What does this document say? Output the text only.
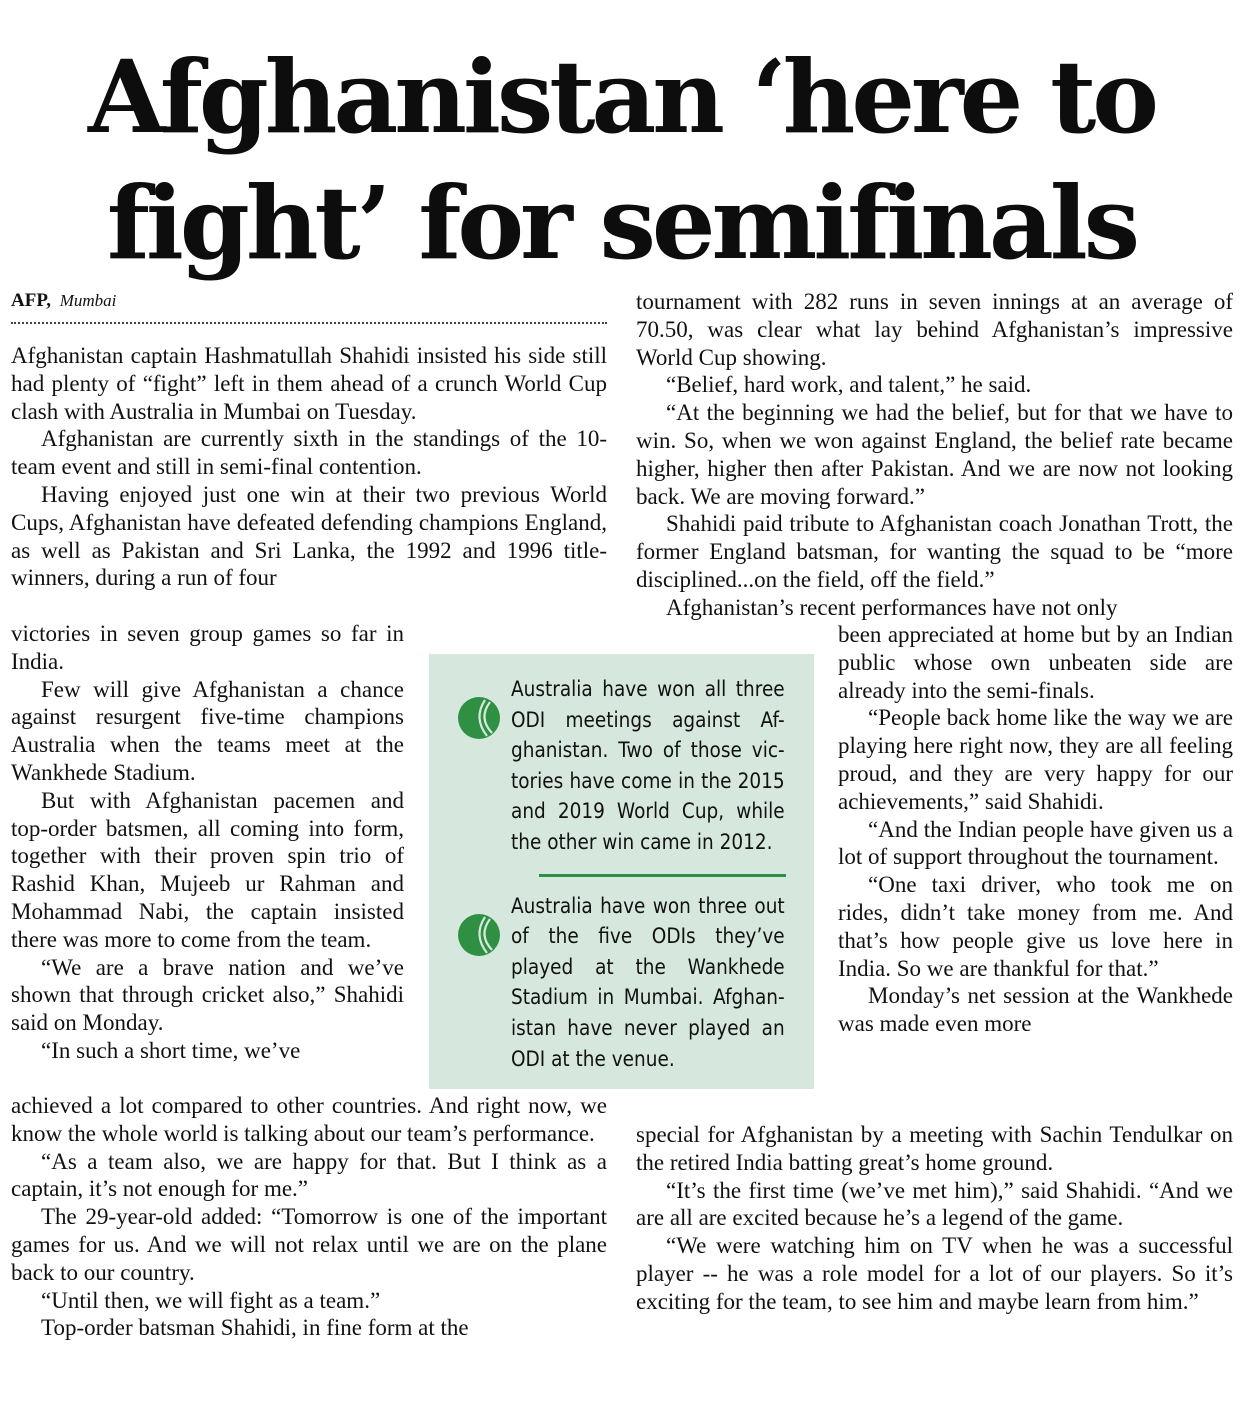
Afghanistan ‘here to
fight’ for semifinals
AFP, Mumbai

Afghanistan captain Hashmatullah Shahidi insisted his side still had plenty of “fight” left in them ahead of a crunch World Cup clash with Australia in Mumbai on Tuesday.

Afghanistan are currently sixth in the standings of the 10-team event and still in semi-final contention.

Having enjoyed just one win at their two previous World Cups, Afghanistan have defeated defending champions England, as well as Pakistan and Sri Lanka, the 1992 and 1996 title-winners, during a run of four

victories in seven group games so far in India.

Few will give Afghanistan a chance against resurgent five-time champions Australia when the teams meet at the Wankhede Stadium.

But with Afghanistan pacemen and top-order batsmen, all coming into form, together with their proven spin trio of Rashid Khan, Mujeeb ur Rahman and Mohammad Nabi, the captain insisted there was more to come from the team.

“We are a brave nation and we’ve shown that through cricket also,” Shahidi said on Monday.

“In such a short time, we’ve

achieved a lot compared to other countries. And right now, we know the whole world is talking about our team’s performance.

“As a team also, we are happy for that. But I think as a captain, it’s not enough for me.”

The 29-year-old added: “Tomorrow is one of the important games for us. And we will not relax until we are on the plane back to our country.

“Until then, we will fight as a team.”

Top-order batsman Shahidi, in fine form at the

tournament with 282 runs in seven innings at an average of 70.50, was clear what lay behind Afghanistan’s impressive World Cup showing.

“Belief, hard work, and talent,” he said.

“At the beginning we had the belief, but for that we have to win. So, when we won against England, the belief rate became higher, higher then after Pakistan. And we are now not looking back. We are moving forward.”

Shahidi paid tribute to Afghanistan coach Jonathan Trott, the former England batsman, for wanting the squad to be “more disciplined...on the field, off the field.”

Afghanistan’s recent performances have not only

been appreciated at home but by an Indian public whose own unbeaten side are already into the semi-finals.

“People back home like the way we are playing here right now, they are all feeling proud, and they are very happy for our achievements,” said Shahidi.

“And the Indian people have given us a lot of support throughout the tournament.

“One taxi driver, who took me on rides, didn’t take money from me. And that’s how people give us love here in India. So we are thankful for that.”

Monday’s net session at the Wankhede was made even more

special for Afghanistan by a meeting with Sachin Tendulkar on the retired India batting great’s home ground.

“It’s the first time (we’ve met him),” said Shahidi. “And we are all are excited because he’s a legend of the game.

“We were watching him on TV when he was a successful player -- he was a role model for a lot of our players. So it’s exciting for the team, to see him and maybe learn from him.”

Australia have won all three ODI meetings against Af-ghanistan. Two of those vic-tories have come in the 2015 and 2019 World Cup, while the other win came in 2012.
Australia have won three out of the five ODIs they’ve played at the Wankhede Stadium in Mumbai. Afghan-istan have never played an ODI at the venue.
